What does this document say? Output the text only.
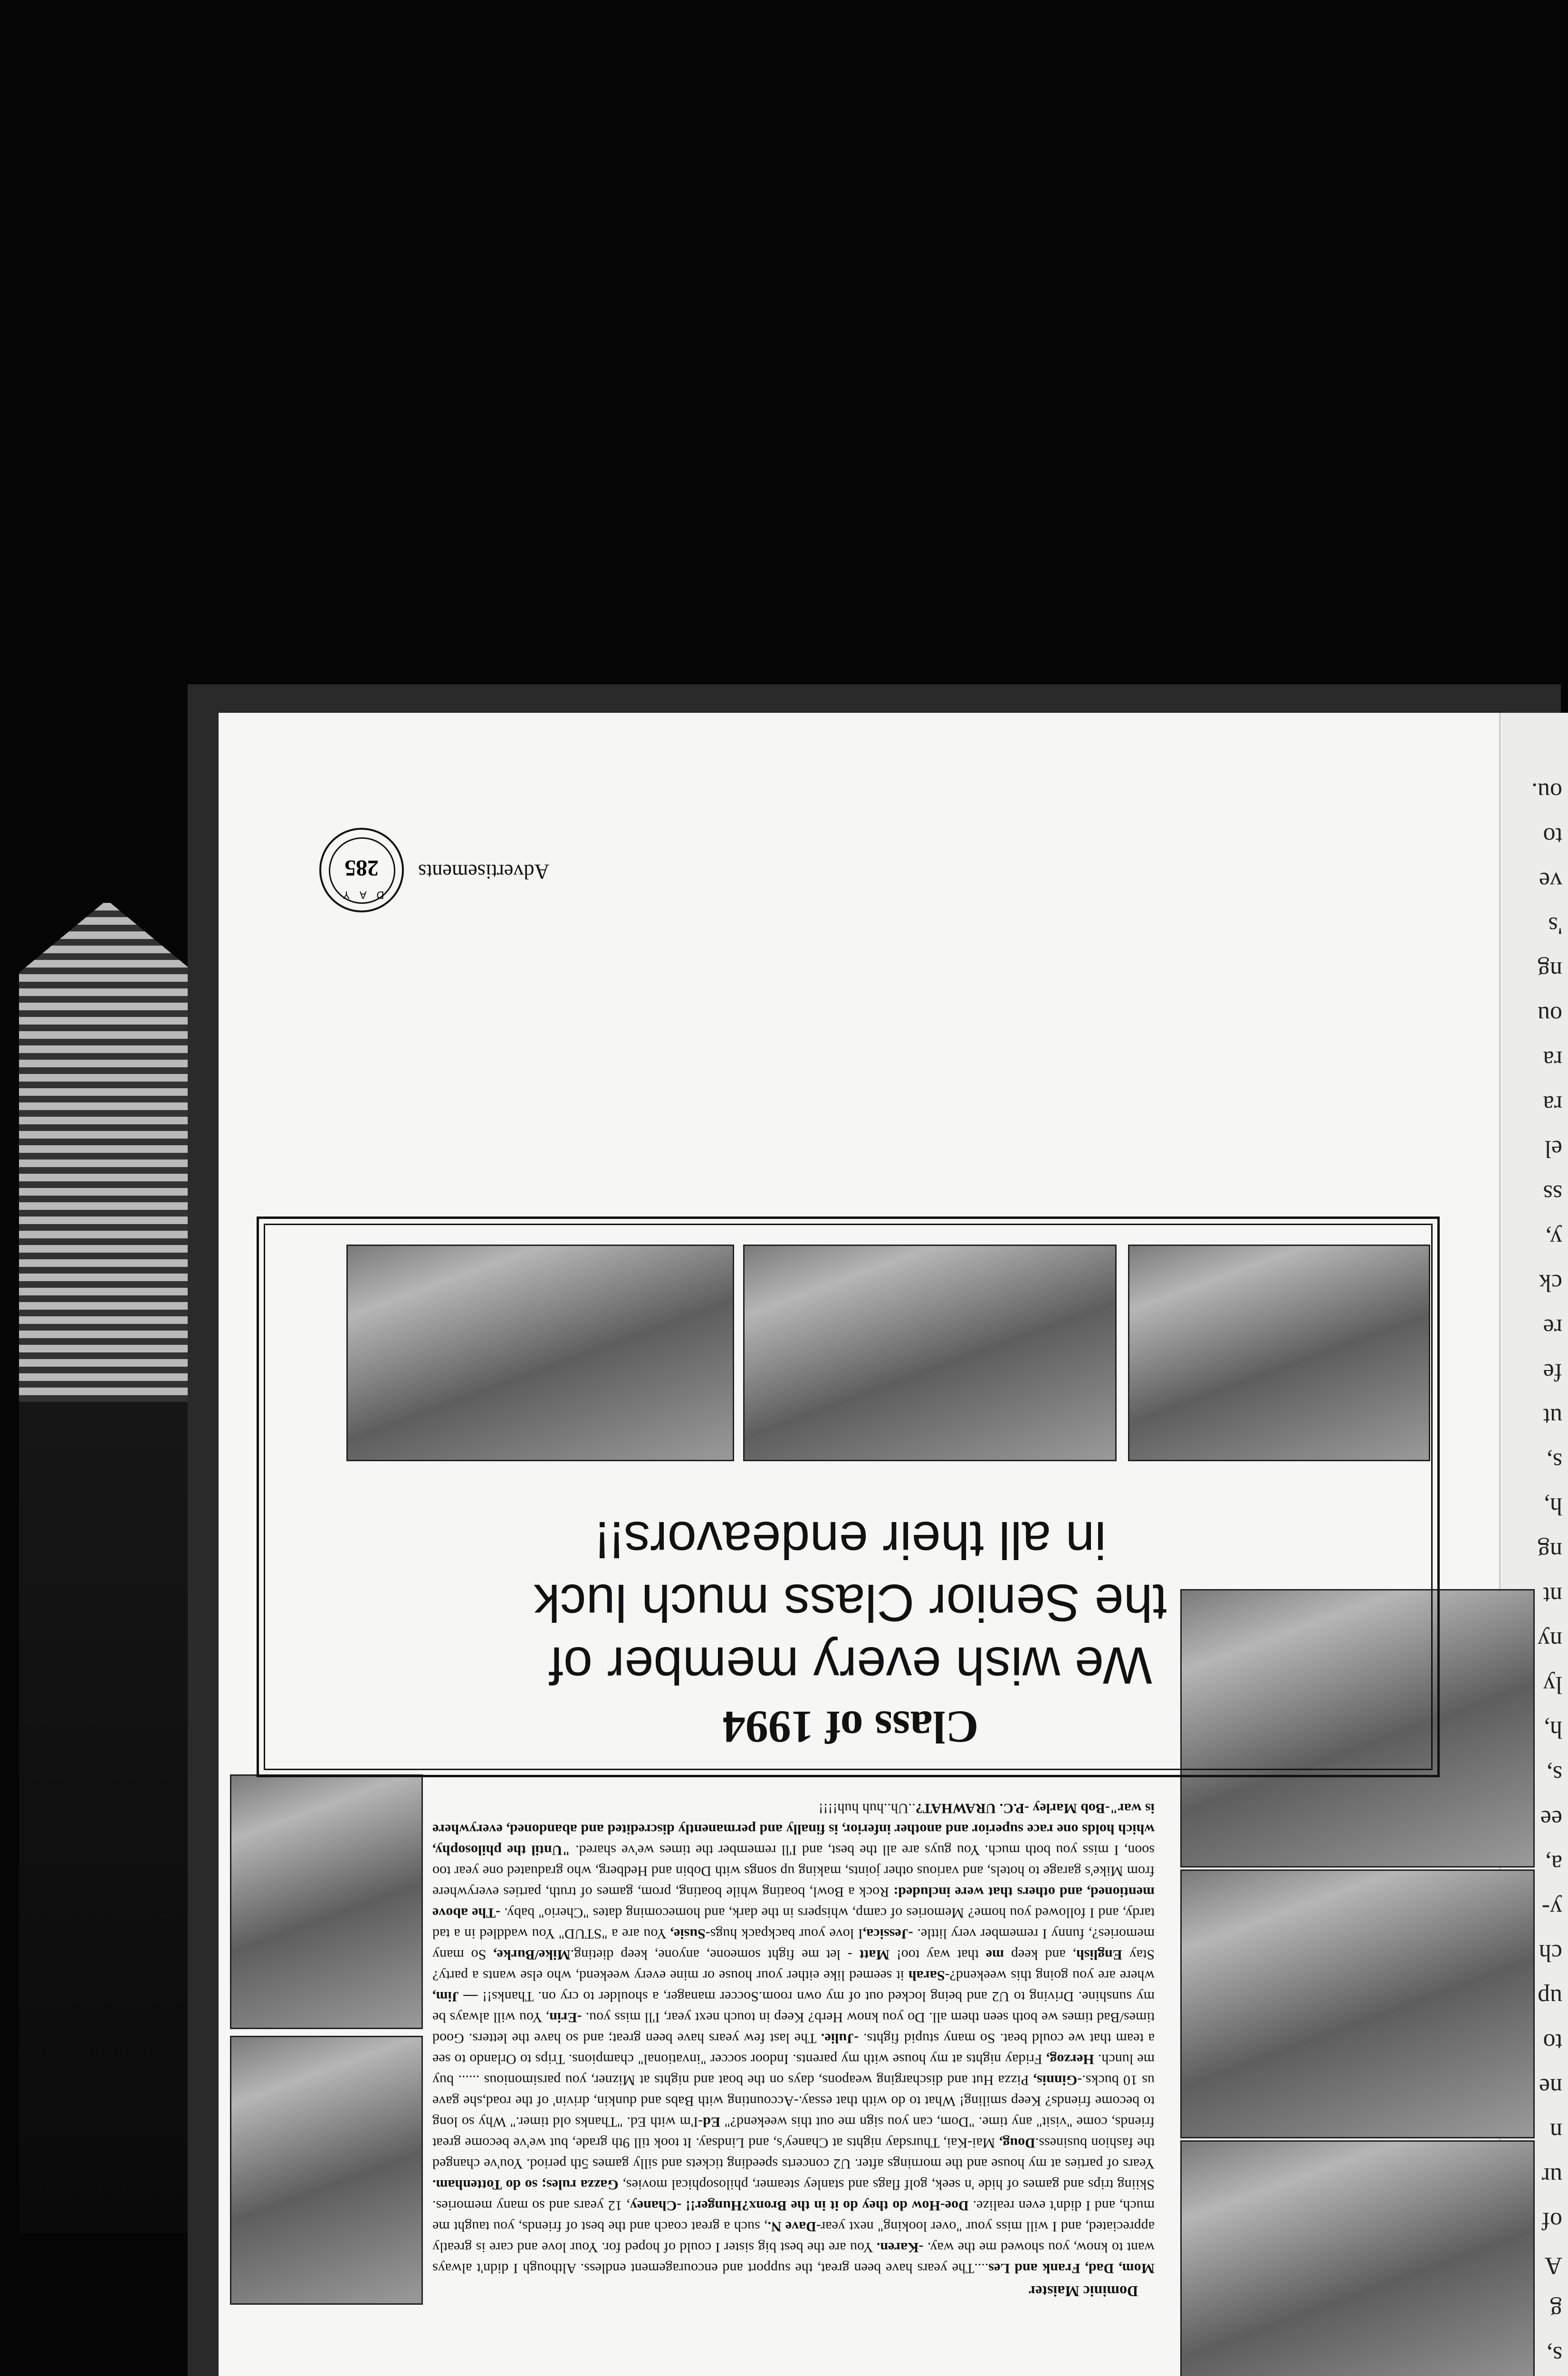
s,
g
A
of
ur
n
ne
to
up
ch
y-
a,
ee
s,
h,
ly
ny
nt
ng
h,
s,
ut
fe
re
ck
y,
ss
el
ra
ra
ou
ng
's
ve
to
ou.
Dominic Maister
Mom, Dad, Frank and Les....The years have been great, the support and encouragement endless. Although I didn't always want to know, you showed me the way. -Karen. You are the best big sister I could of hoped for. Your love and care is greatly appreciated, and I will miss your "over looking" next year-Dave N., such a great coach and the best of friends, you taught me much, and I didn't even realize. Doe-How do they do it in the Bronx?Hunger!! -Chaney, 12 years and so many memories. Skiing trips and games of hide 'n seek, golf flags and stanley steamer, philosophical movies, Gazza rules; so do Tottenham. Years of parties at my house and the mornings after. U2 concerts speeding tickets and silly games 5th period. You've changed the fashion business.Doug, Mai-Kai, Thursday nights at Chaney's, and Lindsay. It took till 9th grade, but we've become great friends, come "visit" any time. "Dom, can you sign me out this weekend?" Ed-I'm with Ed. "Thanks old timer." Why so long to become friends? Keep smiling! What to do with that essay.-Accounting with Babs and dunkin, drivin' of the road,she gave us 10 bucks.-Ginnis, Pizza Hut and discharging weapons, days on the boat and nights at Mizner, you parsimonious ...... buy me lunch. Herzog, Friday nights at my house with my parents. Indoor soccer "invational" champions. Trips to Orlando to see a team that we could beat. So many stupid fights. -Julie. The last few years have been great; and so have the letters. Good times/Bad times we both seen them all. Do you know Herb? Keep in touch next year, I'll miss you. -Erin, You will always be my sunshine. Driving to U2 and being locked out of my own room.Soccer manager, a shoulder to cry on. Thanks!! — Jim, where are you going this weekend?-Sarah it seemed like either your house or mine every weekend, who else wants a party? Stay English, and keep me that way too! Matt - let me fight someone, anyone, keep dieting.Mike/Burke, So many memories?, funny I remember very little. -Jessica,I love your backpack hugs-Susie, You are a "STUD" You waddled in a tad tardy, and I followed you home? Memories of camp, whispers in the dark, and homecoming dates "Cherio" baby. -The above mentioned, and others that were included: Rock a Bowl, boating while boating, prom, games of truth, parties everywhere from Mike's garage to hotels, and various other joints, making up songs with Dobin and Hedberg, who graduated one year too soon, I miss you both much. You guys are all the best, and I'll remember the times we've shared. "Until the philosophy, which holds one race superior and another inferior, is finally and permanently discredited and abandoned, everywhere is war"-Bob Marley -P.C. URAWHAT?..Uh..huh huh!!!!
Class of 1994
We wish every member of
the Senior Class much luck
in all their endeavors!!
Advertisements
D A Y
285
